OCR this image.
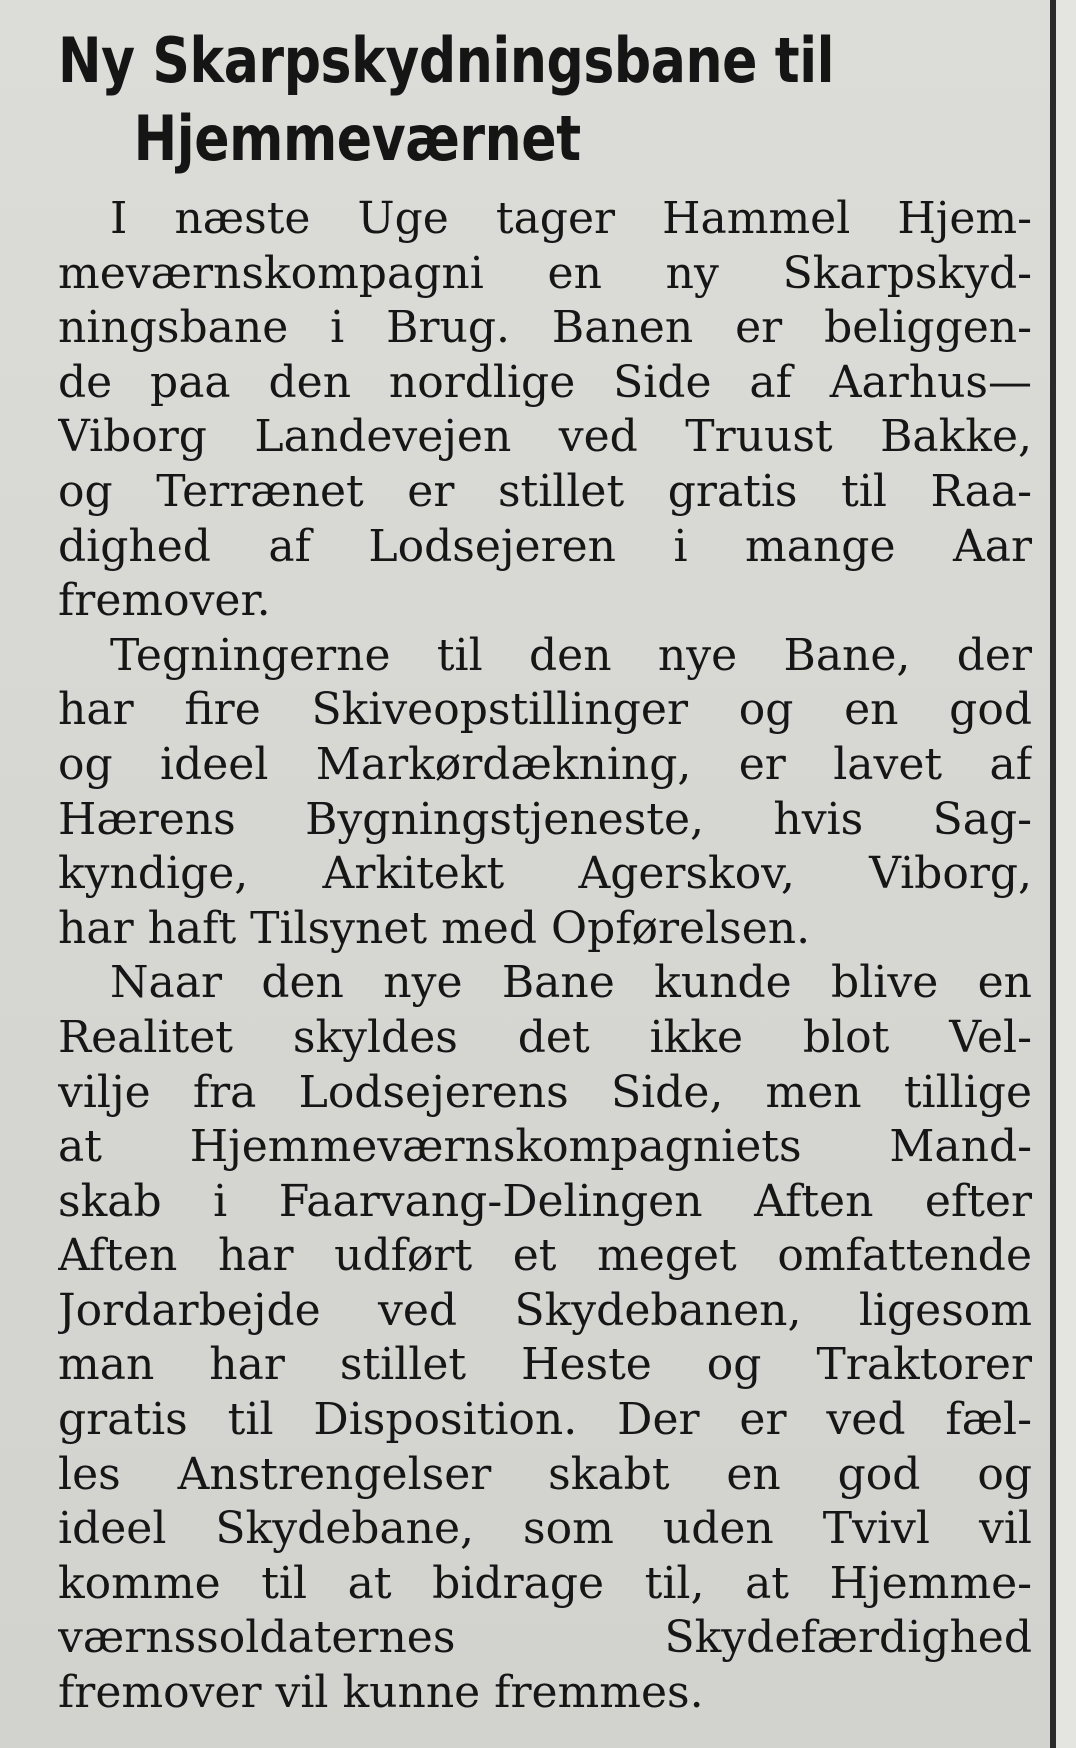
Ny Skarpskydningsbane til
Hjemmeværnet

I næste Uge tager Hammel Hjem-
meværnskompagni en ny Skarpskyd-
ningsbane i Brug. Banen er beliggen-
de paa den nordlige Side af Aarhus—
Viborg Landevejen ved Truust Bakke,
og Terrænet er stillet gratis til Raa-
dighed af Lodsejeren i mange Aar
fremover.

Tegningerne til den nye Bane, der
har fire Skiveopstillinger og en god
og ideel Markørdækning, er lavet af
Hærens Bygningstjeneste, hvis Sag-
kyndige, Arkitekt Agerskov, Viborg,
har haft Tilsynet med Opførelsen.

Naar den nye Bane kunde blive en
Realitet skyldes det ikke blot Vel-
vilje fra Lodsejerens Side, men tillige
at Hjemmeværnskompagniets Mand-
skab i Faarvang-Delingen Aften efter
Aften har udført et meget omfattende
Jordarbejde ved Skydebanen, ligesom
man har stillet Heste og Traktorer
gratis til Disposition. Der er ved fæl-
les Anstrengelser skabt en god og
ideel Skydebane, som uden Tvivl vil
komme til at bidrage til, at Hjemme-
værnssoldaternes Skydefærdighed
fremover vil kunne fremmes.
